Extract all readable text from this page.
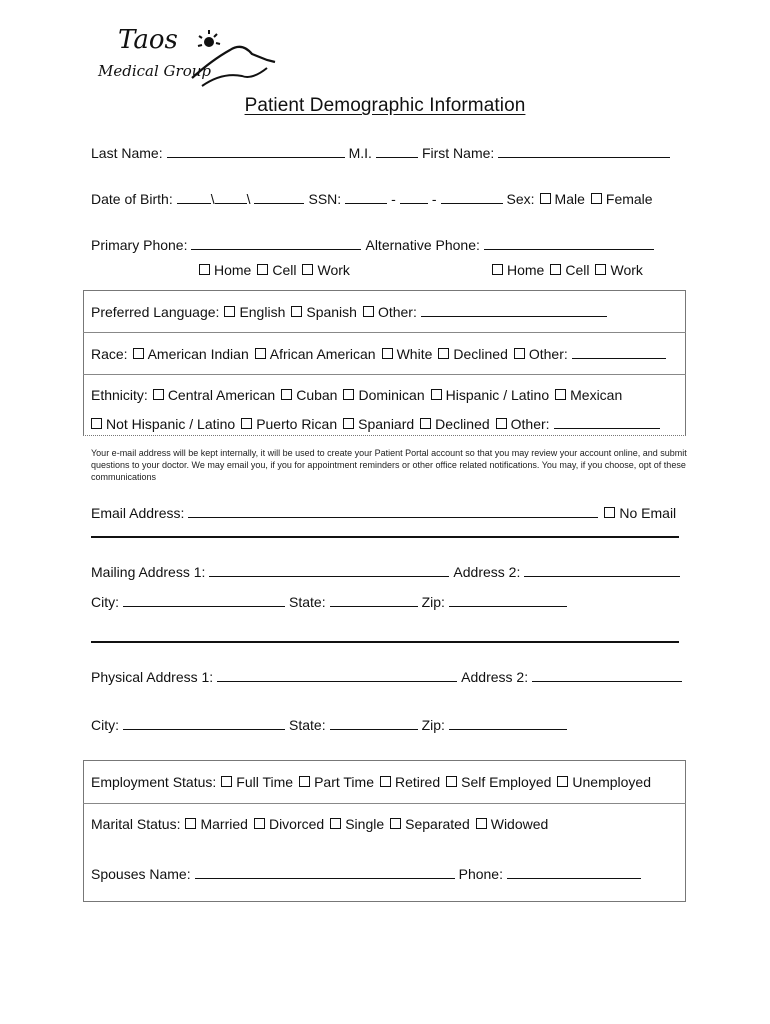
Taos
Medical Group
Patient Demographic Information
Last Name:	M.I.	First Name:
Date of Birth:	\ \	SSN:	-	-	Sex: Male Female
Primary Phone:	Alternative Phone:
Home Cell Work	Home Cell Work
Preferred Language: English Spanish Other:
Race: American Indian African American White Declined Other:
Ethnicity: Central American Cuban Dominican Hispanic / Latino Mexican
Not Hispanic / Latino Puerto Rican Spaniard Declined Other:
Your e-mail address will be kept internally, it will be used to create your Patient Portal account so that you may review your account online, and submit questions to your doctor. We may email you, if you for appointment reminders or other office related notifications. You may, if you choose, opt of these communications
Email Address:	No Email
Mailing Address 1:	Address 2:
City:	State:	Zip:
Physical Address 1:	Address 2:
City:	State:	Zip:
Employment Status: Full Time Part Time Retired Self Employed Unemployed
Marital Status: Married Divorced Single Separated Widowed
Spouses Name:	Phone:
